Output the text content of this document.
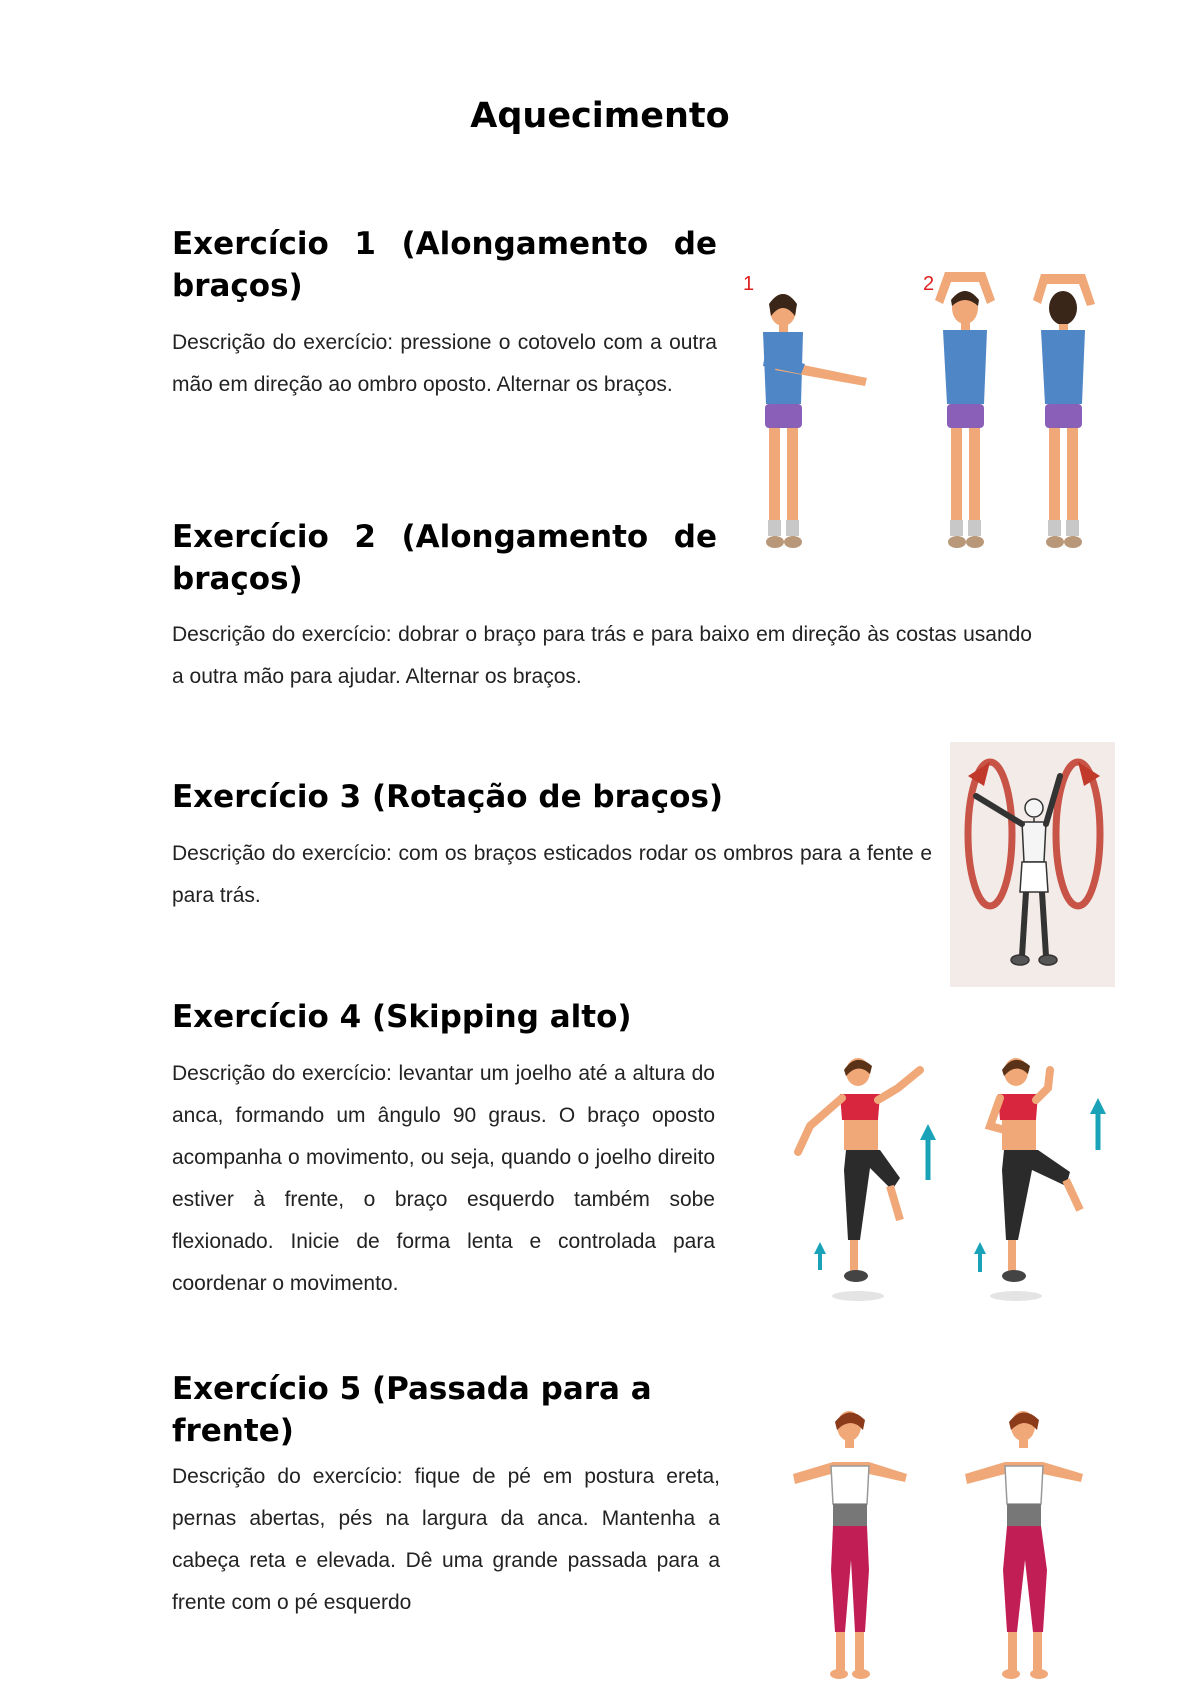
Aquecimento
Exercício 1 (Alongamento de braços)

Descrição do exercício: pressione o cotovelo com a outra mão em direção ao ombro oposto. Alternar os braços.

Exercício 2 (Alongamento de braços)

Descrição do exercício: dobrar o braço para trás e para baixo em direção às costas usando a outra mão para ajudar. Alternar os braços.

Exercício 3 (Rotação de braços)

Descrição do exercício: com os braços esticados rodar os ombros para a fente e para trás.

Exercício 4 (Skipping alto)

Descrição do exercício: levantar um joelho até a altura do anca, formando um ângulo 90 graus. O braço oposto acompanha o movimento, ou seja, quando o joelho direito estiver à frente, o braço esquerdo também sobe flexionado. Inicie de forma lenta e controlada para coordenar o movimento.

Exercício 5 (Passada para a frente)

Descrição do exercício: fique de pé em postura ereta, pernas abertas, pés na largura da anca. Mantenha a cabeça reta e elevada. Dê uma grande passada para a frente com o pé esquerdo

1	2
